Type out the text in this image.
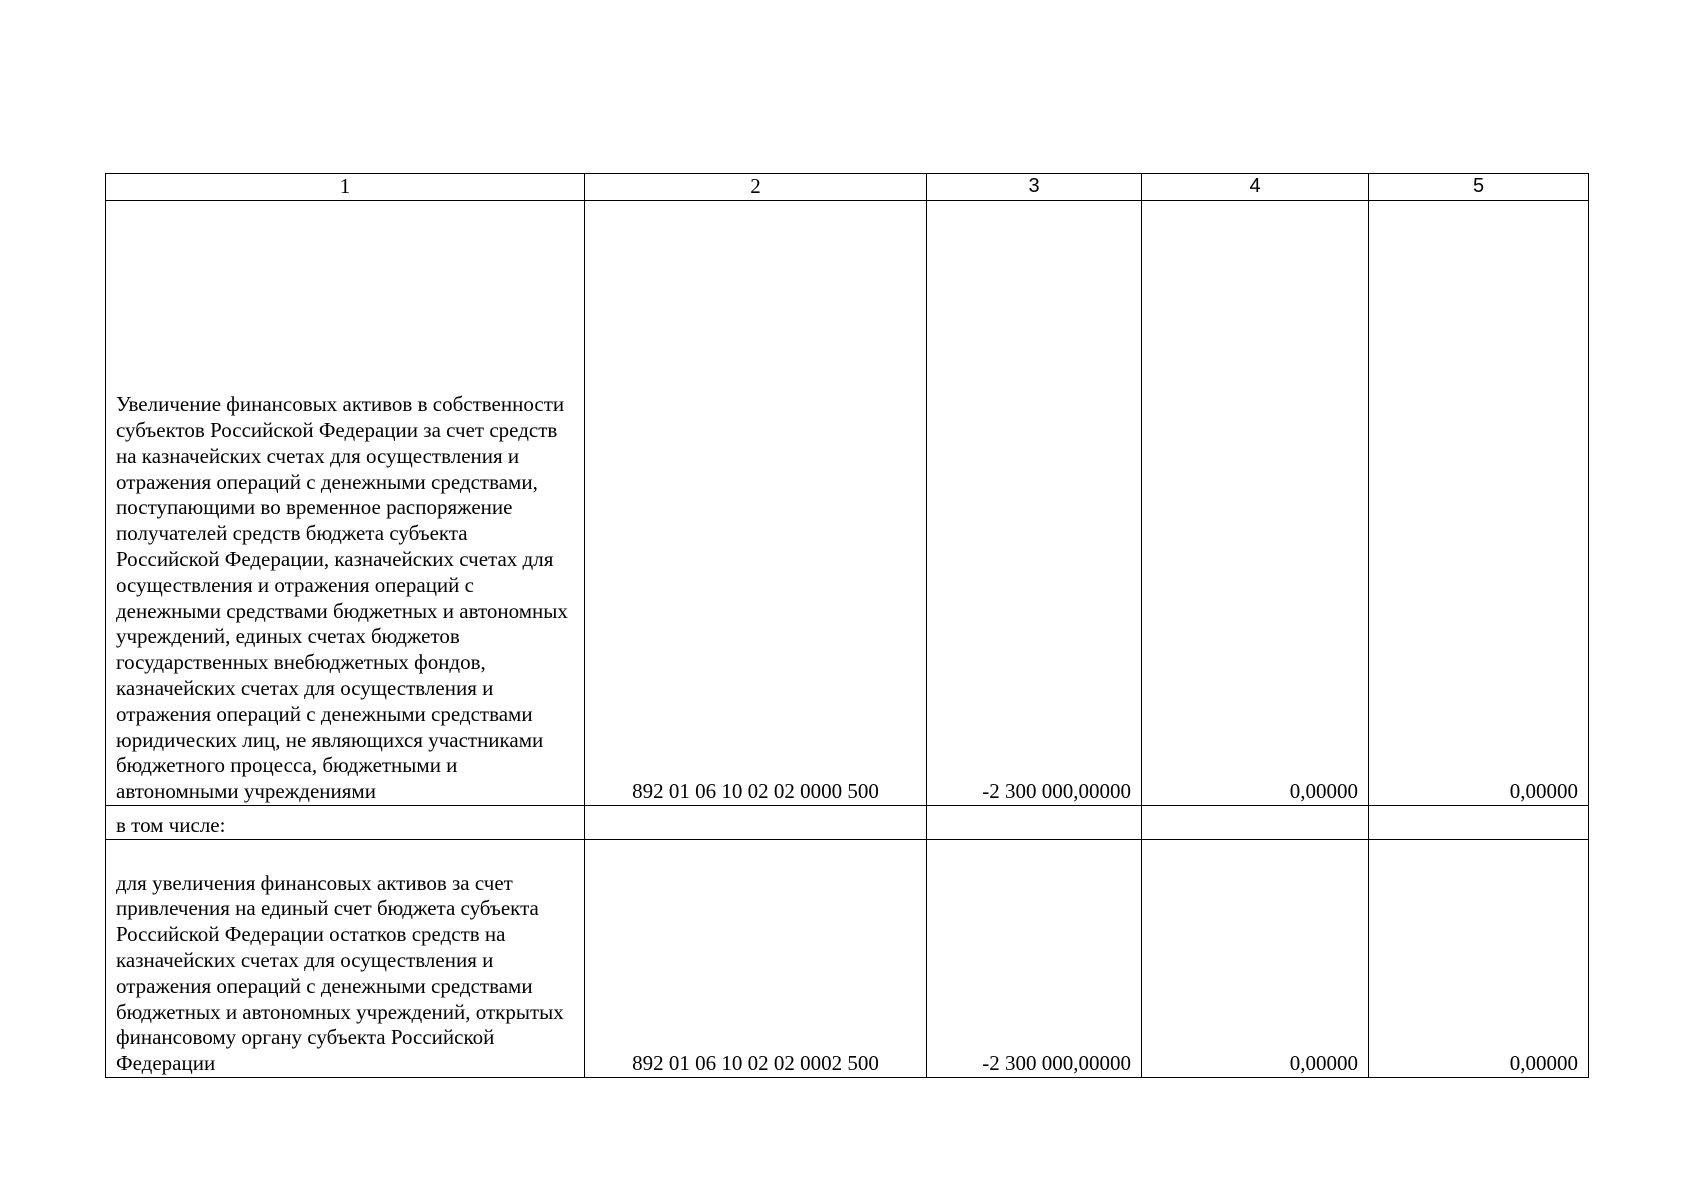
1	2	3	4	5
Увеличение финансовых активов в собственности субъектов Российской Федерации за счет средств на казначейских счетах для осуществления и отражения операций с денежными средствами, поступающими во временное распоряжение получателей средств бюджета субъекта Российской Федерации, казначейских счетах для осуществления и отражения операций с денежными средствами бюджетных и автономных учреждений, единых счетах бюджетов государственных внебюджетных фондов, казначейских счетах для осуществления и отражения операций с денежными средствами юридических лиц, не являющихся участниками бюджетного процесса, бюджетными и автономными учреждениями	892 01 06 10 02 02 0000 500	-2 300 000,00000	0,00000	0,00000
в том числе:				
для увеличения финансовых активов за счет привлечения на единый счет бюджета субъекта Российской Федерации остатков средств на казначейских счетах для осуществления и отражения операций с денежными средствами бюджетных и автономных учреждений, открытых финансовому органу субъекта Российской Федерации	892 01 06 10 02 02 0002 500	-2 300 000,00000	0,00000	0,00000
